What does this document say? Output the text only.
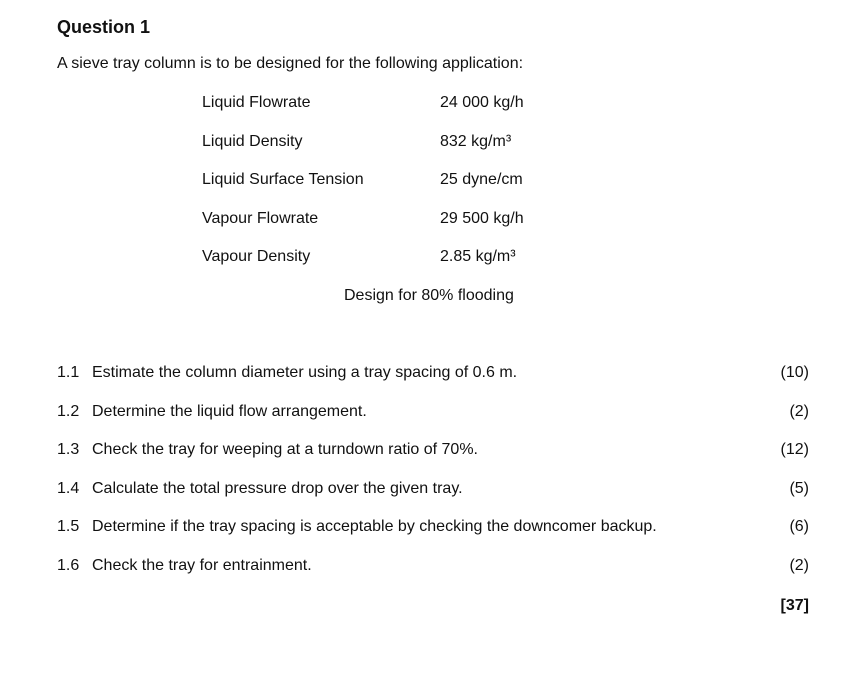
Question 1
A sieve tray column is to be designed for the following application:
Liquid Flowrate	24 000 kg/h
Liquid Density	832 kg/m³
Liquid Surface Tension	25 dyne/cm
Vapour Flowrate	29 500 kg/h
Vapour Density	2.85 kg/m³
Design for 80% flooding
1.1 Estimate the column diameter using a tray spacing of 0.6 m.	(10)
1.2 Determine the liquid flow arrangement.	(2)
1.3 Check the tray for weeping at a turndown ratio of 70%.	(12)
1.4 Calculate the total pressure drop over the given tray.	(5)
1.5 Determine if the tray spacing is acceptable by checking the downcomer backup.	(6)
1.6 Check the tray for entrainment.	(2)
[37]
